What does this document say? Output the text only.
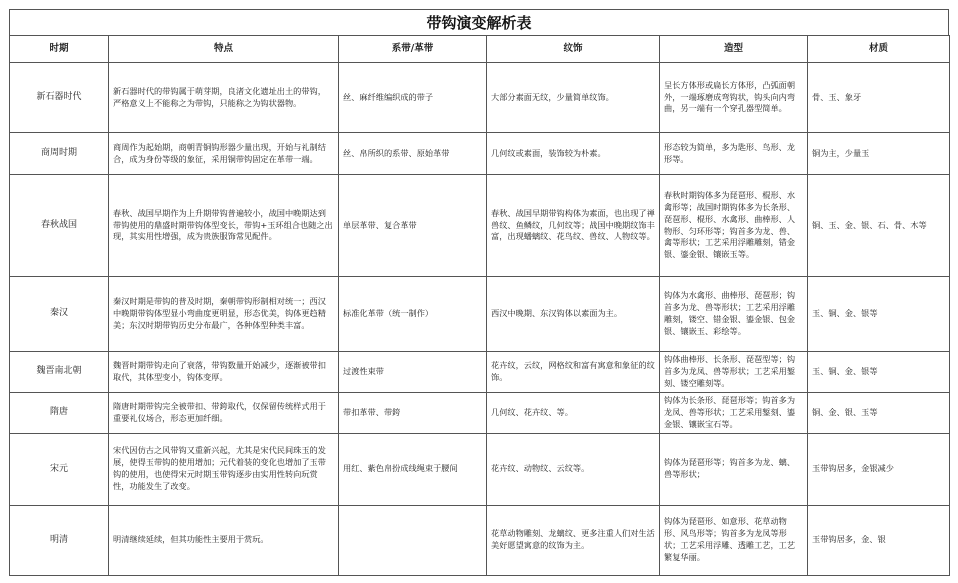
带钩演变解析表
时期	特点	系带/革带	纹饰	造型	材质
新石器时代	新石器时代的带钩属于萌芽期，良渚文化遗址出土的带钩，严格意义上不能称之为带钩，只能称之为钩状器物。	丝、麻纤维编织成的带子	大部分素面无纹，少量简单纹饰。	呈长方体形或扁长方体形，凸弧面朝外，一端琢磨成弯钩状，钩头向内弯曲，另一端有一个穿孔器型简单。	骨、玉、象牙
商周时期	商周作为起始期，商朝青铜钩形器少量出现，开始与礼制结合，成为身份等级的象征，采用铜带钩固定在革带一端。	丝、帛所织的系带、原始革带	几何纹或素面，装饰较为朴素。	形态较为简单，多为匙形、鸟形、龙形等。	铜为主，少量玉
春秋战国	春秋、战国早期作为上升期带钩普遍较小，战国中晚期达到带钩使用的鼎盛时期带钩体型变长，带钩+玉环组合也随之出现，其实用性增强，成为贵族服饰常见配件。	单层革带、复合革带	春秋、战国早期带钩构体为素面，也出现了禅兽纹、鱼鳞纹，几何纹等；战国中晚期纹饰丰富，出现蟠螭纹、花鸟纹、兽纹、人物纹等。	春秋时期钩体多为琵琶形、棍形、水禽形等；战国时期钩体多为长条形、琵琶形、棍形、水禽形、曲棒形、人物形、匀环形等；钩首多为龙、兽、禽等形状；工艺采用浮雕雕刻，错金银、鎏金银、镶嵌玉等。	铜、玉、金、银、石、骨、木等
秦汉	秦汉时期是带钩的普及时期，秦朝带钩形制相对统一；西汉中晚期带钩体型显小弯曲度更明显，形态优美，钩体更趋精美；东汉时期带钩历史分布最广，各种体型种类丰富。	标准化革带（统一制作）	西汉中晚期、东汉钩体以素面为主。	钩体为水禽形、曲棒形、琵琶形；钩首多为龙、兽等形状；工艺采用浮雕雕刻，镂空、错金银、鎏金银、包金银、镶嵌玉、彩绘等。	玉、铜、金、银等
魏晋南北朝	魏晋时期带钩走向了衰落，带钩数量开始减少，逐渐被带扣取代，其体型变小，钩体变厚。	过渡性束带	花卉纹，云纹，网格纹和富有寓意和象征的纹饰。	钩体曲棒形、长条形、琵琶型等；钩首多为龙凤、兽等形状；工艺采用錾刻、镂空雕刻等。	玉、铜、金、银等
隋唐	隋唐时期带钩完全被带扣、带銙取代，仅保留传统样式用于重要礼仪场合，形态更加纤细。	带扣革带、带銙	几何纹、花卉纹、等。	钩体为长条形、琵琶形等；钩首多为龙凤、兽等形状；工艺采用錾刻、鎏金银、镶嵌宝石等。	铜、金、银、玉等
宋元	宋代因仿古之风带钩又重新兴起，尤其是宋代民间珠玉的发展，使得玉带钩的使用增加；元代着装的变化也增加了玉带钩的使用，也使得宋元时期玉带钩逐步由实用性转向玩赏性，功能发生了改变。	用红、紫色帛扮成线绳束于腰间	花卉纹、动物纹、云纹等。	钩体为琵琶形等；钩首多为龙、螭、兽等形状；	玉带钩居多，金银减少
明清	明清继续延续，但其功能性主要用于赏玩。		花草动物雕刻、龙螭纹、更多注重人们对生活美好愿望寓意的纹饰为主。	钩体为琵琶形、如意形、花草动物形、风鸟形等；钩首多为龙凤等形状；工艺采用浮雕、透雕工艺，工艺繁复华丽。	玉带钩居多，金、银
